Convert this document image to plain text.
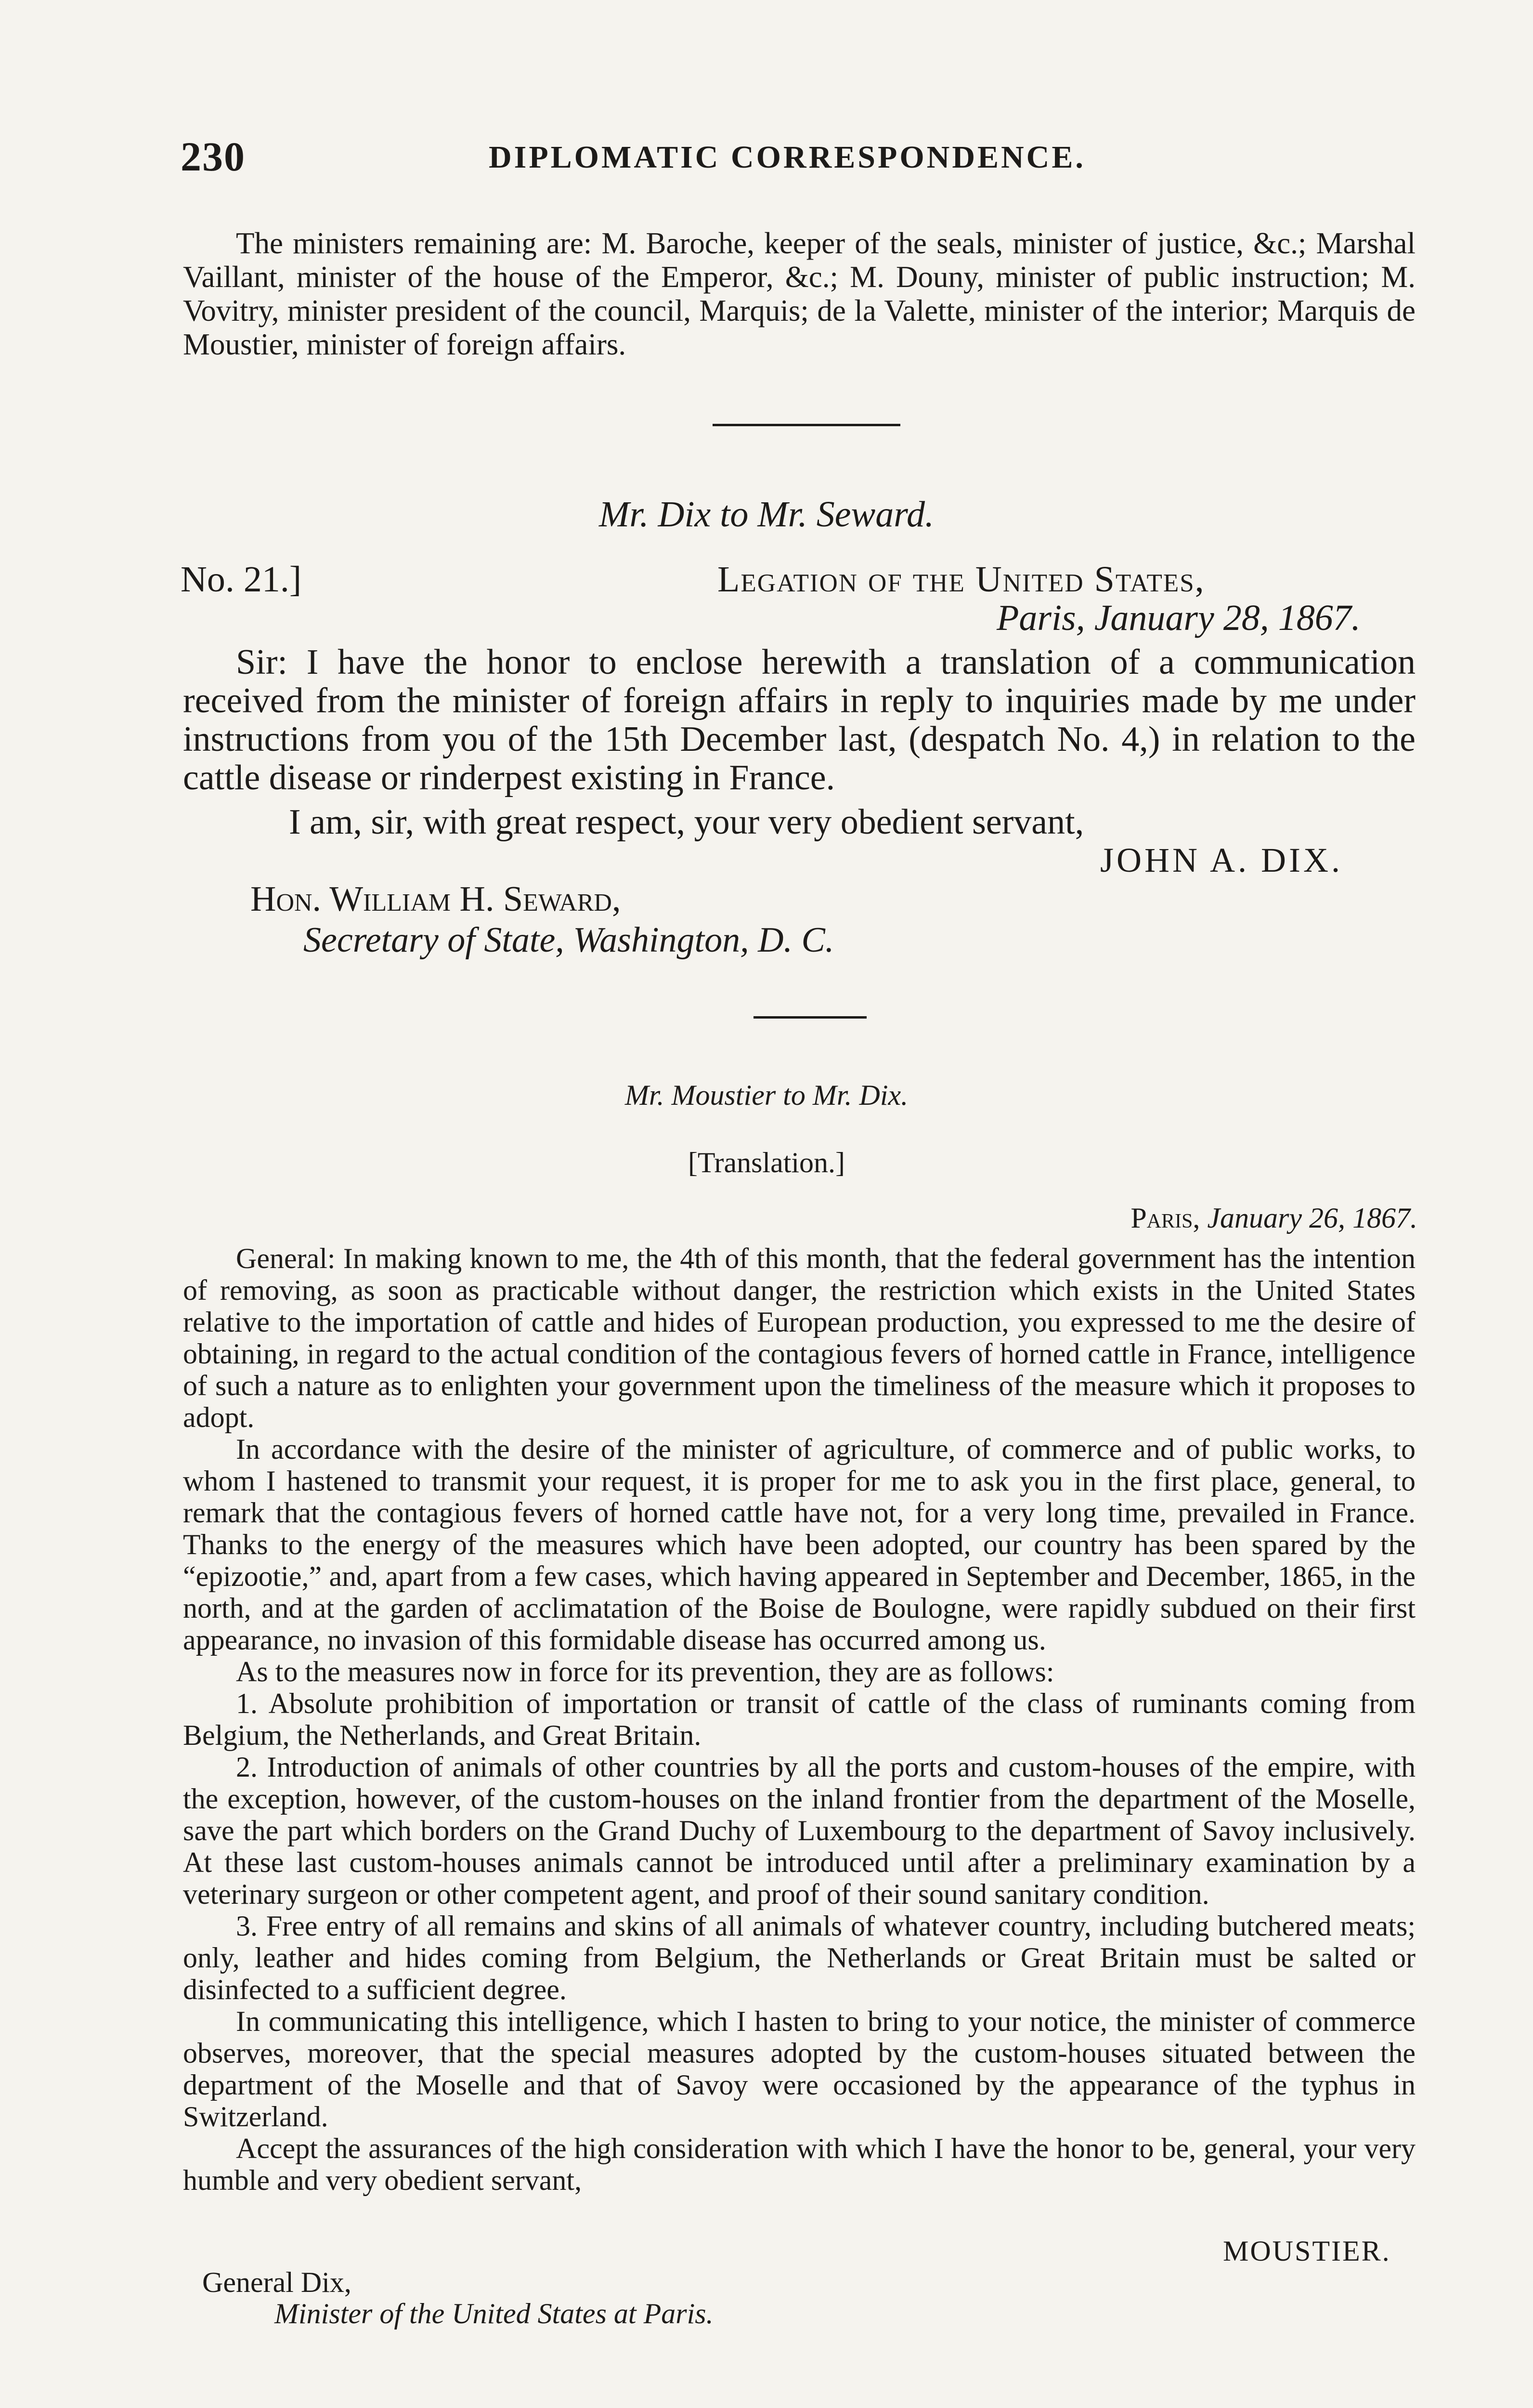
230	DIPLOMATIC CORRESPONDENCE.

The ministers remaining are: M. Baroche, keeper of the seals, minister of justice, &c.; Marshal Vaillant, minister of the house of the Emperor, &c.; M. Douny, minister of public instruction; M. Vovitry, minister president of the council, Marquis; de la Valette, minister of the interior; Marquis de Moustier, minister of foreign affairs.

Mr. Dix to Mr. Seward.
No. 21.]	Legation of the United States,
Paris, January 28, 1867.

Sir: I have the honor to enclose herewith a translation of a communication received from the minister of foreign affairs in reply to inquiries made by me under instructions from you of the 15th December last, (despatch No. 4,) in relation to the cattle disease or rinderpest existing in France.

I am, sir, with great respect, your very obedient servant,
JOHN A. DIX.
Hon. William H. Seward,
Secretary of State, Washington, D. C.
Mr. Moustier to Mr. Dix.
[Translation.]
Paris, January 26, 1867.

General: In making known to me, the 4th of this month, that the federal government has the intention of removing, as soon as practicable without danger, the restriction which exists in the United States relative to the importation of cattle and hides of European production, you expressed to me the desire of obtaining, in regard to the actual condition of the contagious fevers of horned cattle in France, intelligence of such a nature as to enlighten your government upon the timeliness of the measure which it proposes to adopt.

In accordance with the desire of the minister of agriculture, of commerce and of public works, to whom I hastened to transmit your request, it is proper for me to ask you in the first place, general, to remark that the contagious fevers of horned cattle have not, for a very long time, prevailed in France. Thanks to the energy of the measures which have been adopted, our country has been spared by the “epizootie,” and, apart from a few cases, which having appeared in September and December, 1865, in the north, and at the garden of acclimatation of the Boise de Boulogne, were rapidly subdued on their first appearance, no invasion of this formidable disease has occurred among us.

As to the measures now in force for its prevention, they are as follows:

1. Absolute prohibition of importation or transit of cattle of the class of ruminants coming from Belgium, the Netherlands, and Great Britain.

2. Introduction of animals of other countries by all the ports and custom-houses of the empire, with the exception, however, of the custom-houses on the inland frontier from the department of the Moselle, save the part which borders on the Grand Duchy of Luxembourg to the department of Savoy inclusively. At these last custom-houses animals cannot be introduced until after a preliminary examination by a veterinary surgeon or other competent agent, and proof of their sound sanitary condition.

3. Free entry of all remains and skins of all animals of whatever country, including butchered meats; only, leather and hides coming from Belgium, the Netherlands or Great Britain must be salted or disinfected to a sufficient degree.

In communicating this intelligence, which I hasten to bring to your notice, the minister of commerce observes, moreover, that the special measures adopted by the custom-houses situated between the department of the Moselle and that of Savoy were occasioned by the appearance of the typhus in Switzerland.

Accept the assurances of the high consideration with which I have the honor to be, general, your very humble and very obedient servant,

MOUSTIER.
General Dix,
Minister of the United States at Paris.
